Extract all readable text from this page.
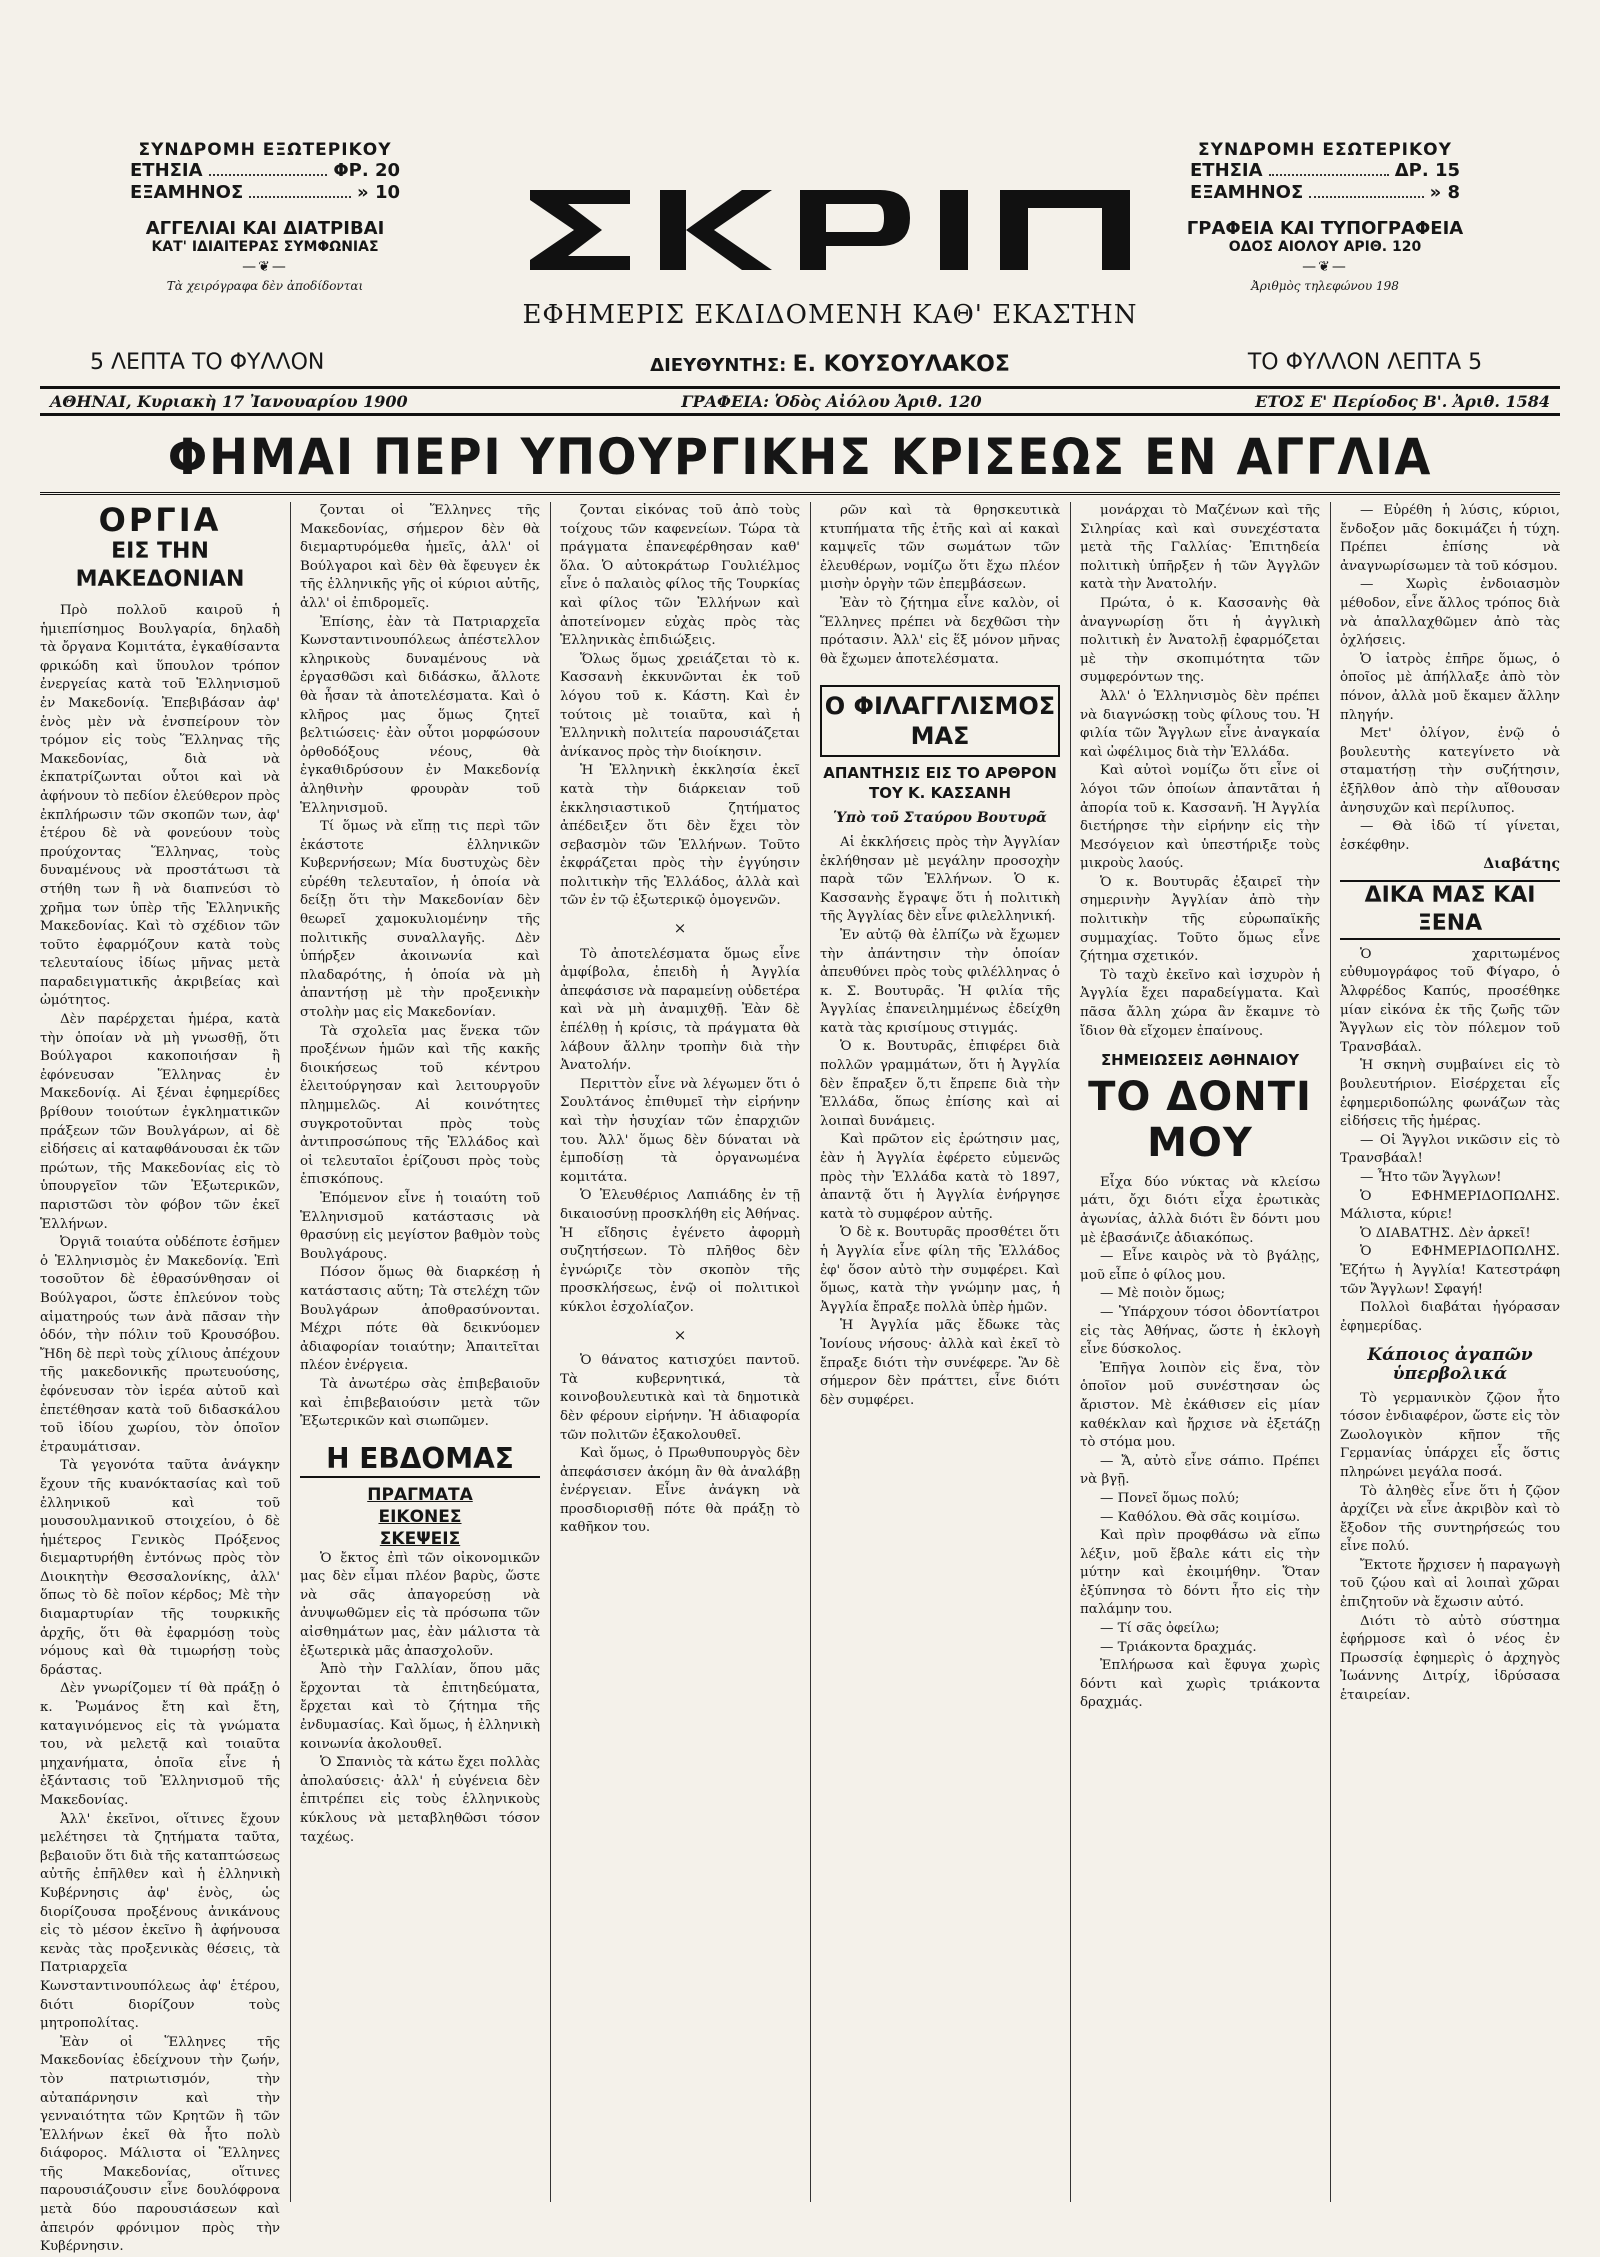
ΣΥΝΔΡΟΜΗ ΕΞΩΤΕΡΙΚΟΥ
ΕΤΗΣΙΑ	ΦΡ. 20
ΕΞΑΜΗΝΟΣ	» 10
ΑΓΓΕΛΙΑΙ ΚΑΙ ΔΙΑΤΡΙΒΑΙ
ΚΑΤ' ΙΔΙΑΙΤΕΡΑΣ ΣΥΜΦΩΝΙΑΣ
—❦—
Τὰ χειρόγραφα δὲν ἀποδίδονται
ΕΦΗΜΕΡΙΣ ΕΚΔΙΔΟΜΕΝΗ ΚΑΘ' ΕΚΑΣΤΗΝ
ΣΥΝΔΡΟΜΗ ΕΣΩΤΕΡΙΚΟΥ
ΕΤΗΣΙΑ	ΔΡ. 15
ΕΞΑΜΗΝΟΣ	» 8
ΓΡΑΦΕΙΑ ΚΑΙ ΤΥΠΟΓΡΑΦΕΙΑ
ΟΔΟΣ ΑΙΟΛΟΥ ΑΡΙΘ. 120
—❦—
Ἀριθμὸς τηλεφώνου 198
5 ΛΕΠΤΑ ΤΟ ΦΥΛΛΟΝ	ΔΙΕΥΘΥΝΤΗΣ: Ε. ΚΟΥΣΟΥΛΑΚΟΣ	ΤΟ ΦΥΛΛΟΝ ΛΕΠΤΑ 5
ΑΘΗΝΑΙ, Κυριακὴ 17 Ἰανουαρίου 1900	ΓΡΑΦΕΙΑ: Ὁδὸς Αἰόλου Ἀριθ. 120	ΕΤΟΣ Ε' Περίοδος Β'. Ἀριθ. 1584
ΦΗΜΑΙ ΠΕΡΙ ΥΠΟΥΡΓΙΚΗΣ ΚΡΙΣΕΩΣ ΕΝ ΑΓΓΛΙΑ
ΟΡΓΙΑ
ΕΙΣ ΤΗΝ ΜΑΚΕΔΟΝΙΑΝ

Πρὸ πολλοῦ καιροῦ ἡ ἡμιεπίσημος Βουλγαρία, δηλαδὴ τὰ ὄργανα Κομιτάτα, ἐγκαθίσαντα φρικώδη καὶ ὕπουλον τρόπον ἐνεργείας κατὰ τοῦ Ἑλληνισμοῦ ἐν Μακεδονίᾳ. Ἐπεβιβάσαν ἀφ' ἑνὸς μὲν νὰ ἐνσπείρουν τὸν τρόμον εἰς τοὺς Ἕλληνας τῆς Μακεδονίας, διὰ νὰ ἐκπατρίζωνται οὗτοι καὶ νὰ ἀφήνουν τὸ πεδίον ἐλεύθερον πρὸς ἐκπλήρωσιν τῶν σκοπῶν των, ἀφ' ἑτέρου δὲ νὰ φονεύουν τοὺς προύχοντας Ἕλληνας, τοὺς δυναμένους νὰ προστάτωσι τὰ στήθη των ἢ νὰ διαπνεύσι τὸ χρῆμα των ὑπὲρ τῆς Ἑλληνικῆς Μακεδονίας. Καὶ τὸ σχέδιον τῶν τοῦτο ἐφαρμόζουν κατὰ τοὺς τελευταίους ἰδίως μῆνας μετὰ παραδειγματικῆς ἀκριβείας καὶ ὠμότητος.

Δὲν παρέρχεται ἡμέρα, κατὰ τὴν ὁποίαν νὰ μὴ γνωσθῇ, ὅτι Βούλγαροι κακοποιήσαν ἢ ἐφόνευσαν Ἕλληνας ἐν Μακεδονίᾳ. Αἱ ξέναι ἐφημερίδες βρίθουν τοιούτων ἐγκληματικῶν πράξεων τῶν Βουλγάρων, αἱ δὲ εἰδήσεις αἱ καταφθάνουσαι ἐκ τῶν πρώτων, τῆς Μακεδονίας εἰς τὸ ὑπουργεῖον τῶν Ἐξωτερικῶν, παριστῶσι τὸν φόβον τῶν ἐκεῖ Ἑλλήνων.

Ὀργιᾶ τοιαύτα οὐδέποτε ἐσῆμεν ὁ Ἑλληνισμὸς ἐν Μακεδονίᾳ. Ἐπὶ τοσοῦτον δὲ ἐθρασύνθησαν οἱ Βούλγαροι, ὥστε ἐπλεύνον τοὺς αἱματηρούς των ἀνὰ πᾶσαν τὴν ὁδόν, τὴν πόλιν τοῦ Κρουσόβου. Ἤδη δὲ περὶ τοὺς χίλιους ἀπέχουν τῆς μακεδονικῆς πρωτευούσης, ἐφόνευσαν τὸν ἱερέα αὐτοῦ καὶ ἐπετέθησαν κατὰ τοῦ διδασκάλου τοῦ ἰδίου χωρίου, τὸν ὁποῖον ἐτραυμάτισαν.

Τὰ γεγονότα ταῦτα ἀνάγκην ἔχουν τῆς κυανόκτασίας καὶ τοῦ ἐλληνικοῦ καὶ τοῦ μουσουλμανικοῦ στοιχείου, ὁ δὲ ἡμέτερος Γενικὸς Πρόξενος διεμαρτυρήθη ἐντόνως πρὸς τὸν Διοικητὴν Θεσσαλονίκης, ἀλλ' ὅπως τὸ δὲ ποῖον κέρδος; Μὲ τὴν διαμαρτυρίαν τῆς τουρκικῆς ἀρχῆς, ὅτι θὰ ἐφαρμόσῃ τοὺς νόμους καὶ θὰ τιμωρήσῃ τοὺς δράστας.

Δὲν γνωρίζομεν τί θὰ πράξῃ ὁ κ. Ῥωμάνος ἔτη καὶ ἔτη, καταγινόμενος εἰς τὰ γνώματα του, νὰ μελετᾷ καὶ τοιαῦτα μηχανήματα, ὁποῖα εἶνε ἡ ἐξάντασις τοῦ Ἑλληνισμοῦ τῆς Μακεδονίας.

Ἀλλ' ἐκεῖνοι, οἵτινες ἔχουν μελέτησει τὰ ζητήματα ταῦτα, βεβαιοῦν ὅτι διὰ τῆς καταπτώσεως αὐτῆς ἐπῆλθεν καὶ ἡ ἐλληνικὴ Κυβέρνησις ἀφ' ἑνὸς, ὡς διορίζουσα προξένους ἀνικάνους εἰς τὸ μέσον ἐκεῖνο ἢ ἀφήνουσα κενὰς τὰς προξενικὰς θέσεις, τὰ Πατριαρχεῖα Κωνσταντινουπόλεως ἀφ' ἑτέρου, διότι διορίζουν τοὺς μητροπολίτας.

Ἐὰν οἱ Ἕλληνες τῆς Μακεδονίας ἐδείχνουν τὴν ζωήν, τὸν πατριωτισμόν, τὴν αὐταπάρνησιν καὶ τὴν γενναιότητα τῶν Κρητῶν ἢ τῶν Ἑλλήνων ἐκεῖ θὰ ἦτο πολὺ διάφορος. Μάλιστα οἱ Ἕλληνες τῆς Μακεδονίας, οἵτινες παρουσιάζουσιν εἶνε δουλόφρονα μετὰ δύο παρουσιάσεων καὶ ἀπειρόν φρόνιμον πρὸς τὴν Κυβέρνησιν.

ζονται οἱ Ἕλληνες τῆς Μακεδονίας, σήμερον δὲν θὰ διεμαρτυρόμεθα ἡμεῖς, ἀλλ' οἱ Βούλγαροι καὶ δὲν θὰ ἔφευγεν ἐκ τῆς ἑλληνικῆς γῆς οἱ κύριοι αὐτῆς, ἀλλ' οἱ ἐπιδρομεῖς.

Ἐπίσης, ἐὰν τὰ Πατριαρχεῖα Κωνσταντινουπόλεως ἀπέστελλον κληρικοὺς δυναμένους νὰ ἐργασθῶσι καὶ διδάσκω, ἄλλοτε θὰ ἦσαν τὰ ἀποτελέσματα. Καὶ ὁ κλῆρος μας ὅμως ζητεῖ βελτιώσεις· ἐὰν οὗτοι μορφώσουν ὀρθοδόξους νέους, θὰ ἐγκαθιδρύσουν ἐν Μακεδονίᾳ ἀληθινὴν φρουρὰν τοῦ Ἑλληνισμοῦ.

Τί ὅμως νὰ εἴπῃ τις περὶ τῶν ἐκάστοτε ἑλληνικῶν Κυβερνήσεων; Μία δυστυχὼς δὲν εὑρέθη τελευταῖον, ἡ ὁποία νὰ δείξῃ ὅτι τὴν Μακεδονίαν δὲν θεωρεῖ χαμοκυλιομένην τῆς πολιτικῆς συναλλαγῆς. Δὲν ὑπήρξεν ἀκοινωνία καὶ πλαδαρότης, ἡ ὁποία νὰ μὴ ἀπαντήσῃ μὲ τὴν προξενικὴν στολὴν μας εἰς Μακεδονίαν.

Τὰ σχολεῖα μας ἕνεκα τῶν προξένων ἡμῶν καὶ τῆς κακῆς διοικήσεως τοῦ κέντρου ἐλειτούργησαν καὶ λειτουργοῦν πλημμελῶς. Αἱ κοινότητες συγκροτοῦνται πρὸς τοὺς ἀντιπροσώπους τῆς Ἑλλάδος καὶ οἱ τελευταῖοι ἐρίζουσι πρὸς τοὺς ἐπισκόπους.

Ἐπόμενον εἶνε ἡ τοιαύτη τοῦ Ἑλληνισμοῦ κατάστασις νὰ θρασύνῃ εἰς μεγίστον βαθμὸν τοὺς Βουλγάρους.

Πόσον ὅμως θὰ διαρκέσῃ ἡ κατάστασις αὕτη; Τὰ στελέχη τῶν Βουλγάρων ἀποθρασύνονται. Μέχρι πότε θὰ δεικνύομεν ἀδιαφορίαν τοιαύτην; Ἀπαιτεῖται πλέον ἐνέργεια.

Τὰ ἀνωτέρω σὰς ἐπιβεβαιοῦν καὶ ἐπιβεβαιούσιν μετὰ τῶν Ἐξωτερικῶν καὶ σιωπῶμεν.

Η ΕΒΔΟΜΑΣ
ΠΡΑΓΜΑΤΑ
ΕΙΚΟΝΕΣ
ΣΚΕΨΕΙΣ

Ὁ ἔκτος ἐπὶ τῶν οἰκονομικῶν μας δὲν εἶμαι πλέον βαρὺς, ὥστε νὰ σᾶς ἀπαγορεύσῃ νὰ ἀνυψωθῶμεν εἰς τὰ πρόσωπα τῶν αἰσθημάτων μας, ἐὰν μάλιστα τὰ ἐξωτερικὰ μᾶς ἀπασχολοῦν.

Ἀπὸ τὴν Γαλλίαν, ὅπου μᾶς ἔρχονται τὰ ἐπιτηδεύματα, ἔρχεται καὶ τὸ ζήτημα τῆς ἐνδυμασίας. Καὶ ὅμως, ἡ ἐλληνικὴ κοινωνία ἀκολουθεῖ.

Ὁ Σπανιὸς τὰ κάτω ἔχει πολλὰς ἀπολαύσεις· ἀλλ' ἡ εὐγένεια δὲν ἐπιτρέπει εἰς τοὺς ἑλληνικοὺς κύκλους νὰ μεταβληθῶσι τόσον ταχέως.

ζονται εἰκόνας τοῦ ἀπὸ τοὺς τοίχους τῶν καφενείων. Τώρα τὰ πράγματα ἐπανεφέρθησαν καθ' ὅλα. Ὁ αὐτοκράτωρ Γουλιέλμος εἶνε ὁ παλαιὸς φίλος τῆς Τουρκίας καὶ φίλος τῶν Ἑλλήνων καὶ ἀποτείνομεν εὐχὰς πρὸς τὰς Ἑλληνικὰς ἐπιδιώξεις.

Ὅλως ὅμως χρειάζεται τὸ κ. Κασσανὴ ἐκκυνῶνται ἐκ τοῦ λόγου τοῦ κ. Κάστη. Καὶ ἐν τούτοις μὲ τοιαῦτα, καὶ ἡ Ἑλληνικὴ πολιτεία παρουσιάζεται ἀνίκανος πρὸς τὴν διοίκησιν.

Ἡ Ἑλληνικὴ ἐκκλησία ἐκεῖ κατὰ τὴν διάρκειαν τοῦ ἐκκλησιαστικοῦ ζητήματος ἀπέδειξεν ὅτι δὲν ἔχει τὸν σεβασμὸν τῶν Ἑλλήνων. Τοῦτο ἐκφράζεται πρὸς τὴν ἐγγύησιν πολιτικὴν τῆς Ἑλλάδος, ἀλλὰ καὶ τῶν ἐν τῷ ἐξωτερικῷ ὁμογενῶν.

×

Τὸ ἀποτελέσματα ὅμως εἶνε ἀμφίβολα, ἐπειδὴ ἡ Ἀγγλία ἀπεφάσισε νὰ παραμείνῃ οὐδετέρα καὶ νὰ μὴ ἀναμιχθῇ. Ἐὰν δὲ ἐπέλθῃ ἡ κρίσις, τὰ πράγματα θὰ λάβουν ἄλλην τροπὴν διὰ τὴν Ἀνατολήν.

Περιττὸν εἶνε νὰ λέγωμεν ὅτι ὁ Σουλτάνος ἐπιθυμεῖ τὴν εἰρήνην καὶ τὴν ἡσυχίαν τῶν ἐπαρχιῶν του. Ἀλλ' ὅμως δὲν δύναται νὰ ἐμποδίσῃ τὰ ὀργανωμένα κομιτάτα.

Ὁ Ἐλευθέριος Λαπιάδης ἐν τῇ δικαιοσύνῃ προσκλήθη εἰς Ἀθήνας. Ἡ εἴδησις ἐγένετο ἀφορμὴ συζητήσεων. Τὸ πλῆθος δὲν ἐγνώριζε τὸν σκοπὸν τῆς προσκλήσεως, ἐνῷ οἱ πολιτικοὶ κύκλοι ἐσχολίαζον.

×

Ὁ θάνατος κατισχύει παντοῦ. Τὰ κυβερνητικά, τὰ κοινοβουλευτικὰ καὶ τὰ δημοτικὰ δὲν φέρουν εἰρήνην. Ἡ ἀδιαφορία τῶν πολιτῶν ἐξακολουθεῖ.

Καὶ ὅμως, ὁ Πρωθυπουργὸς δὲν ἀπεφάσισεν ἀκόμη ἂν θὰ ἀναλάβῃ ἐνέργειαν. Εἶνε ἀνάγκη νὰ προσδιορισθῇ πότε θὰ πράξῃ τὸ καθῆκον του.

ρῶν καὶ τὰ θρησκευτικὰ κτυπήματα τῆς ἐτῆς καὶ αἱ κακαὶ καμψεῖς τῶν σωμάτων τῶν ἐλευθέρων, νομίζω ὅτι ἔχω πλέον μισὴν ὀργὴν τῶν ἐπεμβάσεων.

Ἐὰν τὸ ζήτημα εἶνε καλὸν, οἱ Ἕλληνες πρέπει νὰ δεχθῶσι τὴν πρότασιν. Ἀλλ' εἰς ἕξ μόνον μῆνας θὰ ἔχωμεν ἀποτελέσματα.

Ο ΦΙΛΑΓΓΛΙΣΜΟΣ ΜΑΣ
ΑΠΑΝΤΗΣΙΣ ΕΙΣ ΤΟ ΑΡΘΡΟΝ ΤΟΥ Κ. ΚΑΣΣΑΝΗ
Ὑπὸ τοῦ Σταύρου Βουτυρᾶ

Αἱ ἐκκλήσεις πρὸς τὴν Ἀγγλίαν ἐκλήθησαν μὲ μεγάλην προσοχὴν παρὰ τῶν Ἑλλήνων. Ὁ κ. Κασσανὴς ἔγραψε ὅτι ἡ πολιτικὴ τῆς Ἀγγλίας δὲν εἶνε φιλελληνική.

Ἐν αὐτῷ θὰ ἐλπίζω νὰ ἔχωμεν τὴν ἀπάντησιν τὴν ὁποίαν ἀπευθύνει πρὸς τοὺς φιλέλληνας ὁ κ. Σ. Βουτυρᾶς. Ἡ φιλία τῆς Ἀγγλίας ἐπανειλημμένως ἐδείχθη κατὰ τὰς κρισίμους στιγμάς.

Ὁ κ. Βουτυρᾶς, ἐπιφέρει διὰ πολλῶν γραμμάτων, ὅτι ἡ Ἀγγλία δὲν ἔπραξεν ὅ,τι ἔπρεπε διὰ τὴν Ἑλλάδα, ὅπως ἐπίσης καὶ αἱ λοιπαὶ δυνάμεις.

Καὶ πρῶτον εἰς ἐρώτησιν μας, ἐὰν ἡ Ἀγγλία ἐφέρετο εὐμενῶς πρὸς τὴν Ἑλλάδα κατὰ τὸ 1897, ἀπαντᾷ ὅτι ἡ Ἀγγλία ἐνήργησε κατὰ τὸ συμφέρον αὐτῆς.

Ὁ δὲ κ. Βουτυρᾶς προσθέτει ὅτι ἡ Ἀγγλία εἶνε φίλη τῆς Ἑλλάδος ἐφ' ὅσον αὐτὸ τὴν συμφέρει. Καὶ ὅμως, κατὰ τὴν γνώμην μας, ἡ Ἀγγλία ἔπραξε πολλὰ ὑπὲρ ἡμῶν.

Ἡ Ἀγγλία μᾶς ἔδωκε τὰς Ἰονίους νήσους· ἀλλὰ καὶ ἐκεῖ τὸ ἔπραξε διότι τὴν συνέφερε. Ἂν δὲ σήμερον δὲν πράττει, εἶνε διότι δὲν συμφέρει.

μονάρχαι τὸ Μαζένων καὶ τῆς Σιληρίας καὶ καὶ συνεχέστατα μετὰ τῆς Γαλλίας· Ἐπιτηδεία πολιτικὴ ὑπῆρξεν ἡ τῶν Ἀγγλῶν κατὰ τὴν Ἀνατολήν.

Πρώτα, ὁ κ. Κασσανὴς θὰ ἀναγνωρίσῃ ὅτι ἡ ἀγγλικὴ πολιτικὴ ἐν Ἀνατολῇ ἐφαρμόζεται μὲ τὴν σκοπιμότητα τῶν συμφερόντων της.

Ἀλλ' ὁ Ἑλληνισμὸς δὲν πρέπει νὰ διαγνώσκῃ τοὺς φίλους του. Ἡ φιλία τῶν Ἄγγλων εἶνε ἀναγκαία καὶ ὠφέλιμος διὰ τὴν Ἑλλάδα.

Καὶ αὐτοὶ νομίζω ὅτι εἶνε οἱ λόγοι τῶν ὁποίων ἀπαντᾶται ἡ ἀπορία τοῦ κ. Κασσανῆ. Ἡ Ἀγγλία διετήρησε τὴν εἰρήνην εἰς τὴν Μεσόγειον καὶ ὑπεστήριξε τοὺς μικροὺς λαούς.

Ὁ κ. Βουτυρᾶς ἐξαιρεῖ τὴν σημερινὴν Ἀγγλίαν ἀπὸ τὴν πολιτικὴν τῆς εὐρωπαϊκῆς συμμαχίας. Τοῦτο ὅμως εἶνε ζήτημα σχετικόν.

Τὸ ταχὺ ἐκεῖνο καὶ ἰσχυρὸν ἡ Ἀγγλία ἔχει παραδείγματα. Καὶ πᾶσα ἄλλη χώρα ἂν ἔκαμνε τὸ ἴδιον θὰ εἴχομεν ἐπαίνους.

ΣΗΜΕΙΩΣΕΙΣ ΑΘΗΝΑΙΟΥ
ΤΟ ΔΟΝΤΙ ΜΟΥ

Εἶχα δύο νύκτας νὰ κλείσω μάτι, ὄχι διότι εἶχα ἐρωτικὰς ἀγωνίας, ἀλλὰ διότι ἓν δόντι μου μὲ ἐβασάνιζε ἀδιακόπως.

— Εἶνε καιρὸς νὰ τὸ βγάλῃς, μοῦ εἶπε ὁ φίλος μου.

— Μὲ ποιὸν ὅμως;

— Ὑπάρχουν τόσοι ὀδοντίατροι εἰς τὰς Ἀθήνας, ὥστε ἡ ἐκλογὴ εἶνε δύσκολος.

Ἐπῆγα λοιπὸν εἰς ἕνα, τὸν ὁποῖον μοῦ συνέστησαν ὡς ἄριστον. Μὲ ἐκάθισεν εἰς μίαν καθέκλαν καὶ ἤρχισε νὰ ἐξετάζῃ τὸ στόμα μου.

— Ἄ, αὐτὸ εἶνε σάπιο. Πρέπει νὰ βγῇ.

— Πονεῖ ὅμως πολύ;

— Καθόλου. Θὰ σᾶς κοιμίσω.

Καὶ πρὶν προφθάσω νὰ εἴπω λέξιν, μοῦ ἔβαλε κάτι εἰς τὴν μύτην καὶ ἐκοιμήθην. Ὅταν ἐξύπνησα τὸ δόντι ἦτο εἰς τὴν παλάμην του.

— Τί σᾶς ὀφείλω;

— Τριάκοντα δραχμάς.

Ἐπλήρωσα καὶ ἔφυγα χωρὶς δόντι καὶ χωρὶς τριάκοντα δραχμάς.

— Εὐρέθη ἡ λύσις, κύριοι, ἔνδοξον μᾶς δοκιμάζει ἡ τύχη. Πρέπει ἐπίσης νὰ ἀναγνωρίσωμεν τὰ τοῦ κόσμου.

— Χωρὶς ἐνδοιασμὸν μέθοδον, εἶνε ἄλλος τρόπος διὰ νὰ ἀπαλλαχθῶμεν ἀπὸ τὰς ὀχλήσεις.

Ὁ ἰατρὸς ἐπῆρε ὅμως, ὁ ὁποῖος μὲ ἀπήλλαξε ἀπὸ τὸν πόνον, ἀλλὰ μοῦ ἔκαμεν ἄλλην πληγήν.

Μετ' ὀλίγον, ἐνῷ ὁ βουλευτὴς κατεγίνετο νὰ σταματήσῃ τὴν συζήτησιν, ἐξῆλθον ἀπὸ τὴν αἴθουσαν ἀνησυχῶν καὶ περίλυπος.

— Θὰ ἰδῶ τί γίνεται, ἐσκέφθην.

Διαβάτης
ΔΙΚΑ ΜΑΣ ΚΑΙ ΞΕΝΑ

Ὁ χαριτωμένος εὐθυμογράφος τοῦ Φίγαρο, ὁ Ἀλφρέδος Καπύς, προσέθηκε μίαν εἰκόνα ἐκ τῆς ζωῆς τῶν Ἄγγλων εἰς τὸν πόλεμον τοῦ Τρανσβάαλ.

Ἡ σκηνὴ συμβαίνει εἰς τὸ βουλευτήριον. Εἰσέρχεται εἷς ἐφημεριδοπώλης φωνάζων τὰς εἰδήσεις τῆς ἡμέρας.

— Οἱ Ἄγγλοι νικῶσιν εἰς τὸ Τρανσβάαλ!

— Ἦτο τῶν Ἄγγλων!

Ὁ ΕΦΗΜΕΡΙΔΟΠΩΛΗΣ. Μάλιστα, κύριε!

Ὁ ΔΙΑΒΑΤΗΣ. Δὲν ἀρκεῖ!

Ὁ ΕΦΗΜΕΡΙΔΟΠΩΛΗΣ. Ἐζήτω ἡ Ἀγγλία! Κατεστράφη τῶν Ἄγγλων! Σφαγή!

Πολλοὶ διαβάται ἠγόρασαν ἐφημερίδας.

Κάποιος ἀγαπῶν ὑπερβολικά

Τὸ γερμανικὸν ζῷον ἦτο τόσον ἐνδιαφέρον, ὥστε εἰς τὸν Ζωολογικὸν κῆπον τῆς Γερμανίας ὑπάρχει εἷς ὅστις πληρώνει μεγάλα ποσά.

Τὸ ἀληθὲς εἶνε ὅτι ἡ ζῷον ἀρχίζει νὰ εἶνε ἀκριβὸν καὶ τὸ ἔξοδον τῆς συντηρήσεώς του εἶνε πολύ.

Ἔκτοτε ἤρχισεν ἡ παραγωγὴ τοῦ ζῴου καὶ αἱ λοιπαὶ χῶραι ἐπιζητοῦν νὰ ἔχωσιν αὐτό.

Διότι τὸ αὐτὸ σύστημα ἐφήρμοσε καὶ ὁ νέος ἐν Πρωσσίᾳ ἐφημερὶς ὁ ἀρχηγὸς Ἰωάννης Διτρίχ, ἱδρύσασα ἑταιρείαν.
